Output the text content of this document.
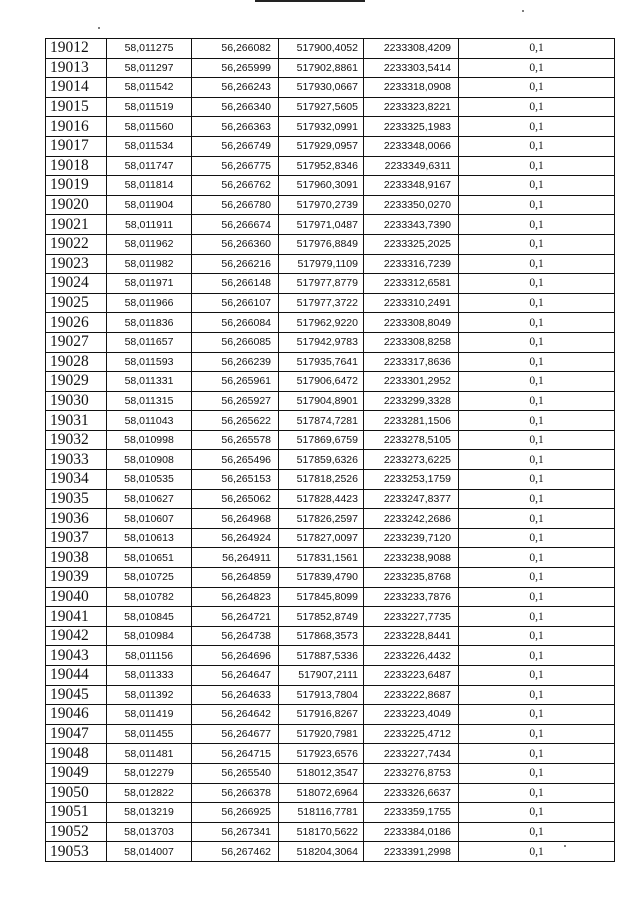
19012	58,011275	56,266082	517900,4052	2233308,4209	0,1
19013	58,011297	56,265999	517902,8861	2233303,5414	0,1
19014	58,011542	56,266243	517930,0667	2233318,0908	0,1
19015	58,011519	56,266340	517927,5605	2233323,8221	0,1
19016	58,011560	56,266363	517932,0991	2233325,1983	0,1
19017	58,011534	56,266749	517929,0957	2233348,0066	0,1
19018	58,011747	56,266775	517952,8346	2233349,6311	0,1
19019	58,011814	56,266762	517960,3091	2233348,9167	0,1
19020	58,011904	56,266780	517970,2739	2233350,0270	0,1
19021	58,011911	56,266674	517971,0487	2233343,7390	0,1
19022	58,011962	56,266360	517976,8849	2233325,2025	0,1
19023	58,011982	56,266216	517979,1109	2233316,7239	0,1
19024	58,011971	56,266148	517977,8779	2233312,6581	0,1
19025	58,011966	56,266107	517977,3722	2233310,2491	0,1
19026	58,011836	56,266084	517962,9220	2233308,8049	0,1
19027	58,011657	56,266085	517942,9783	2233308,8258	0,1
19028	58,011593	56,266239	517935,7641	2233317,8636	0,1
19029	58,011331	56,265961	517906,6472	2233301,2952	0,1
19030	58,011315	56,265927	517904,8901	2233299,3328	0,1
19031	58,011043	56,265622	517874,7281	2233281,1506	0,1
19032	58,010998	56,265578	517869,6759	2233278,5105	0,1
19033	58,010908	56,265496	517859,6326	2233273,6225	0,1
19034	58,010535	56,265153	517818,2526	2233253,1759	0,1
19035	58,010627	56,265062	517828,4423	2233247,8377	0,1
19036	58,010607	56,264968	517826,2597	2233242,2686	0,1
19037	58,010613	56,264924	517827,0097	2233239,7120	0,1
19038	58,010651	56,264911	517831,1561	2233238,9088	0,1
19039	58,010725	56,264859	517839,4790	2233235,8768	0,1
19040	58,010782	56,264823	517845,8099	2233233,7876	0,1
19041	58,010845	56,264721	517852,8749	2233227,7735	0,1
19042	58,010984	56,264738	517868,3573	2233228,8441	0,1
19043	58,011156	56,264696	517887,5336	2233226,4432	0,1
19044	58,011333	56,264647	517907,2111	2233223,6487	0,1
19045	58,011392	56,264633	517913,7804	2233222,8687	0,1
19046	58,011419	56,264642	517916,8267	2233223,4049	0,1
19047	58,011455	56,264677	517920,7981	2233225,4712	0,1
19048	58,011481	56,264715	517923,6576	2233227,7434	0,1
19049	58,012279	56,265540	518012,3547	2233276,8753	0,1
19050	58,012822	56,266378	518072,6964	2233326,6637	0,1
19051	58,013219	56,266925	518116,7781	2233359,1755	0,1
19052	58,013703	56,267341	518170,5622	2233384,0186	0,1
19053	58,014007	56,267462	518204,3064	2233391,2998	0,1
